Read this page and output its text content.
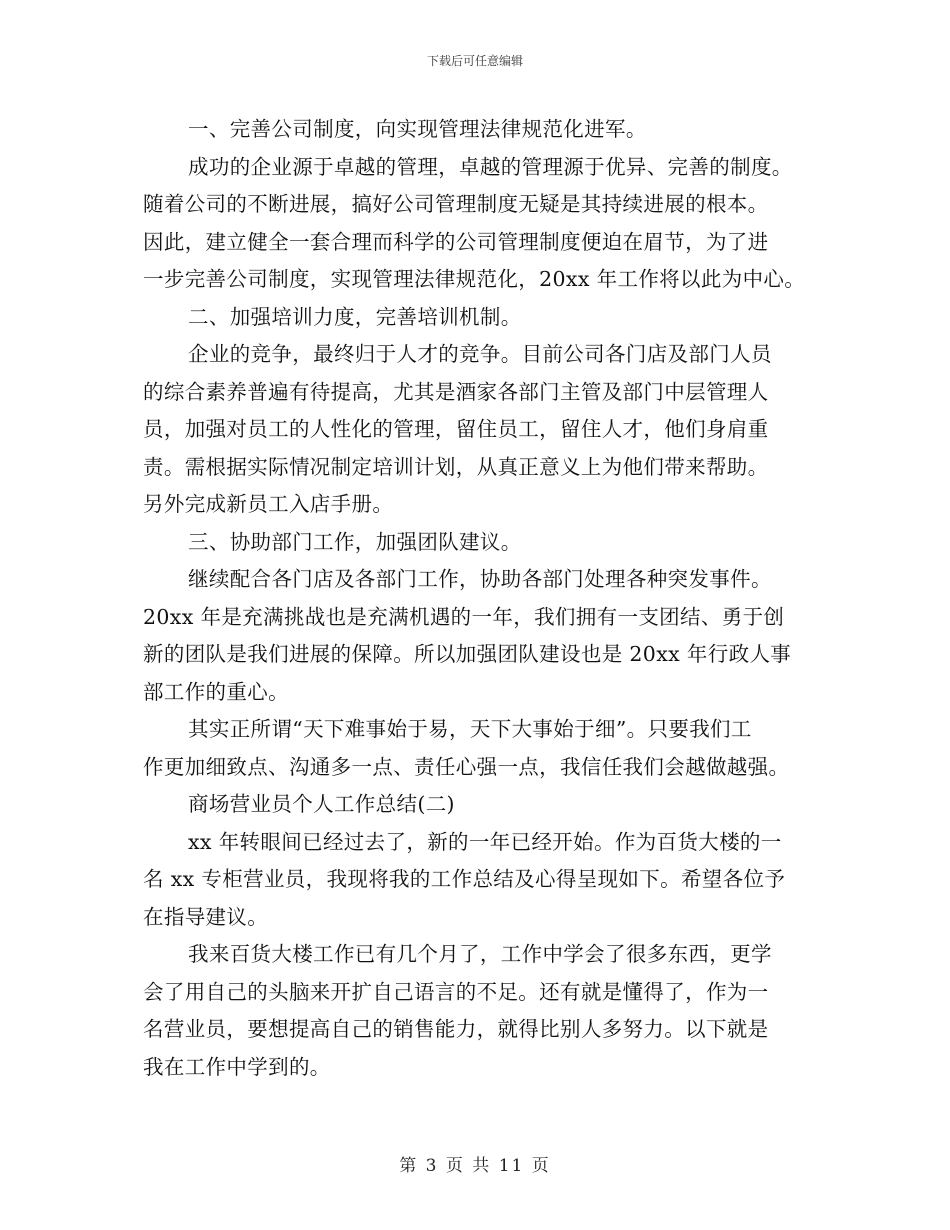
下载后可任意编辑
一、完善公司制度，向实现管理法律规范化进军。
成功的企业源于卓越的管理，卓越的管理源于优异、完善的制度。
随着公司的不断进展，搞好公司管理制度无疑是其持续进展的根本。
因此，建立健全一套合理而科学的公司管理制度便迫在眉节，为了进
一步完善公司制度，实现管理法律规范化，20xx 年工作将以此为中心。
二、加强培训力度，完善培训机制。
企业的竞争，最终归于人才的竞争。目前公司各门店及部门人员
的综合素养普遍有待提高，尤其是酒家各部门主管及部门中层管理人
员，加强对员工的人性化的管理，留住员工，留住人才，他们身肩重
责。需根据实际情况制定培训计划，从真正意义上为他们带来帮助。
另外完成新员工入店手册。
三、协助部门工作，加强团队建议。
继续配合各门店及各部门工作，协助各部门处理各种突发事件。
20xx 年是充满挑战也是充满机遇的一年，我们拥有一支团结、勇于创
新的团队是我们进展的保障。所以加强团队建设也是 20xx 年行政人事
部工作的重心。
其实正所谓“天下难事始于易，天下大事始于细”。只要我们工
作更加细致点、沟通多一点、责任心强一点，我信任我们会越做越强。
商场营业员个人工作总结(二)
xx 年转眼间已经过去了，新的一年已经开始。作为百货大楼的一
名 xx 专柜营业员，我现将我的工作总结及心得呈现如下。希望各位予
在指导建议。
我来百货大楼工作已有几个月了，工作中学会了很多东西，更学
会了用自己的头脑来开扩自己语言的不足。还有就是懂得了，作为一
名营业员，要想提高自己的销售能力，就得比别人多努力。以下就是
我在工作中学到的。
第 3 页 共 11 页
